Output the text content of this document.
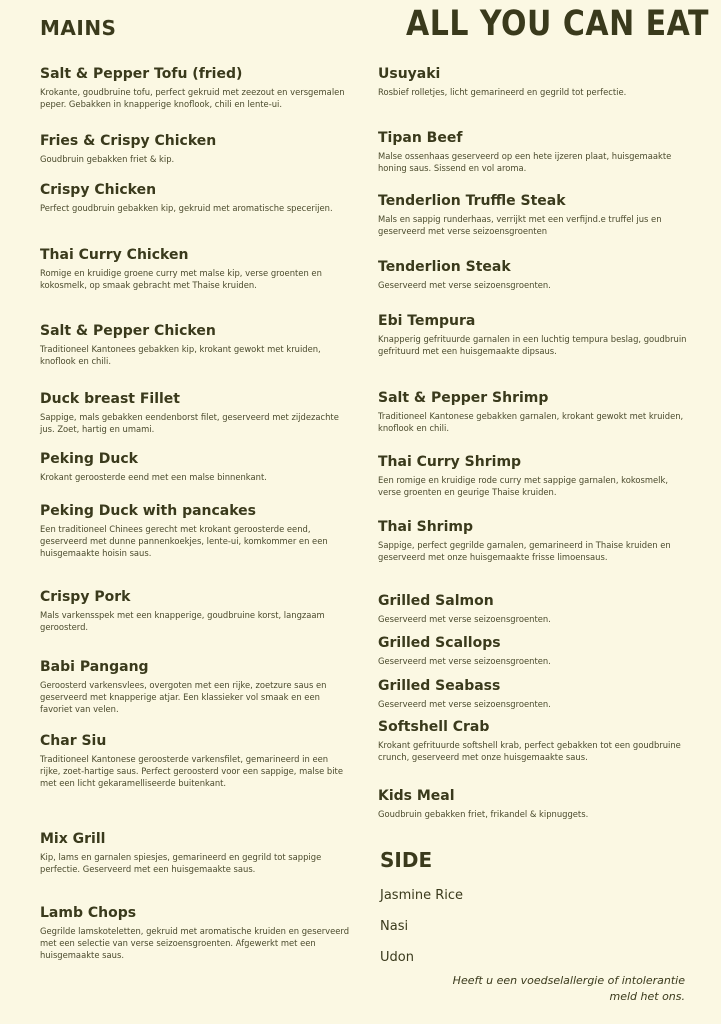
MAINS	ALL YOU CAN EAT
Salt & Pepper Tofu (fried)
Krokante, goudbruine tofu, perfect gekruid met zeezout en versgemalen peper. Gebakken in knapperige knoflook, chili en lente-ui.
Fries & Crispy Chicken
Goudbruin gebakken friet & kip.
Crispy Chicken
Perfect goudbruin gebakken kip, gekruid met aromatische specerijen.
Thai Curry Chicken
Romige en kruidige groene curry met malse kip, verse groenten en kokosmelk, op smaak gebracht met Thaise kruiden.
Salt & Pepper Chicken
Traditioneel Kantonees gebakken kip, krokant gewokt met kruiden, knoflook en chili.
Duck breast Fillet
Sappige, mals gebakken eendenborst filet, geserveerd met zijdezachte jus. Zoet, hartig en umami.
Peking Duck
Krokant geroosterde eend met een malse binnenkant.
Peking Duck with pancakes
Een traditioneel Chinees gerecht met krokant geroosterde eend, geserveerd met dunne pannenkoekjes, lente-ui, komkommer en een huisgemaakte hoisin saus.
Crispy Pork
Mals varkensspek met een knapperige, goudbruine korst, langzaam geroosterd.
Babi Pangang
Geroosterd varkensvlees, overgoten met een rijke, zoetzure saus en geserveerd met knapperige atjar. Een klassieker vol smaak en een favoriet van velen.
Char Siu
Traditioneel Kantonese geroosterde varkensfilet, gemarineerd in een rijke, zoet-hartige saus. Perfect geroosterd voor een sappige, malse bite met een licht gekaramelliseerde buitenkant.
Mix Grill
Kip, lams en garnalen spiesjes, gemarineerd en gegrild tot sappige perfectie. Geserveerd met een huisgemaakte saus.
Lamb Chops
Gegrilde lamskoteletten, gekruid met aromatische kruiden en geserveerd met een selectie van verse seizoensgroenten. Afgewerkt met een huisgemaakte saus.
Usuyaki
Rosbief rolletjes, licht gemarineerd en gegrild tot perfectie.
Tipan Beef
Malse ossenhaas geserveerd op een hete ijzeren plaat, huisgemaakte honing saus. Sissend en vol aroma.
Tenderlion Truffle Steak
Mals en sappig runderhaas, verrijkt met een verfijnd.e truffel jus en geserveerd met verse seizoensgroenten
Tenderlion Steak
Geserveerd met verse seizoensgroenten.
Ebi Tempura
Knapperig gefrituurde garnalen in een luchtig tempura beslag, goudbruin gefrituurd met een huisgemaakte dipsaus.
Salt & Pepper Shrimp
Traditioneel Kantonese gebakken garnalen, krokant gewokt met kruiden, knoflook en chili.
Thai Curry Shrimp
Een romige en kruidige rode curry met sappige garnalen, kokosmelk, verse groenten en geurige Thaise kruiden.
Thai Shrimp
Sappige, perfect gegrilde garnalen, gemarineerd in Thaise kruiden en geserveerd met onze huisgemaakte frisse limoensaus.
Grilled Salmon
Geserveerd met verse seizoensgroenten.
Grilled Scallops
Geserveerd met verse seizoensgroenten.
Grilled Seabass
Geserveerd met verse seizoensgroenten.
Softshell Crab
Krokant gefrituurde softshell krab, perfect gebakken tot een goudbruine crunch, geserveerd met onze huisgemaakte saus.
Kids Meal
Goudbruin gebakken friet, frikandel & kipnuggets.
SIDE
Jasmine Rice
Nasi
Udon
Heeft u een voedselallergie of intolerantie meld het ons.
